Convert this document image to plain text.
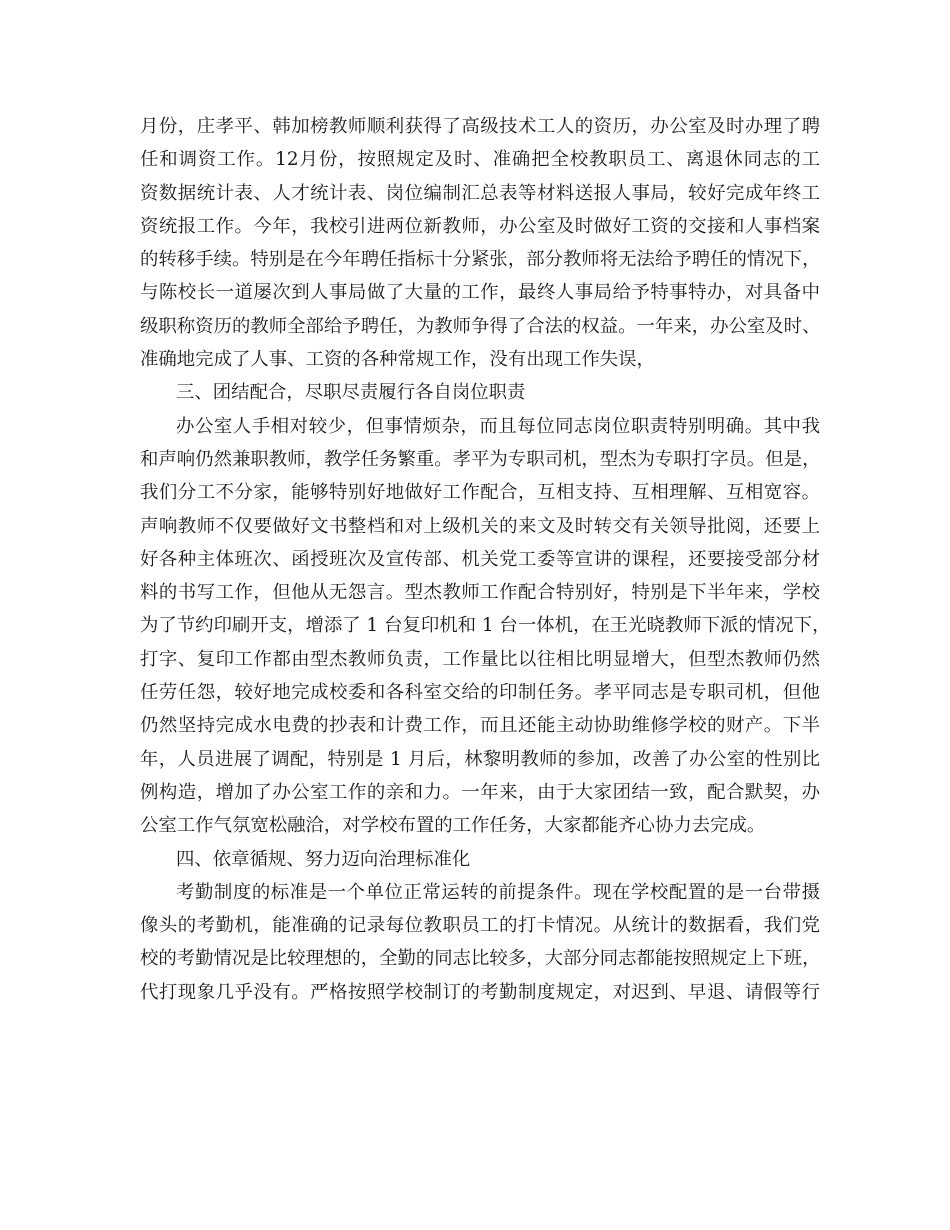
月份，庄孝平、韩加榜教师顺利获得了高级技术工人的资历，办公室及时办理了聘
任和调资工作。12月份，按照规定及时、准确把全校教职员工、离退休同志的工
资数据统计表、人才统计表、岗位编制汇总表等材料送报人事局，较好完成年终工
资统报工作。今年，我校引进两位新教师，办公室及时做好工资的交接和人事档案
的转移手续。特别是在今年聘任指标十分紧张，部分教师将无法给予聘任的情况下，
与陈校长一道屡次到人事局做了大量的工作，最终人事局给予特事特办，对具备中
级职称资历的教师全部给予聘任，为教师争得了合法的权益。一年来，办公室及时、
准确地完成了人事、工资的各种常规工作，没有出现工作失误，
三、团结配合，尽职尽责履行各自岗位职责
办公室人手相对较少，但事情烦杂，而且每位同志岗位职责特别明确。其中我
和声响仍然兼职教师，教学任务繁重。孝平为专职司机，型杰为专职打字员。但是，
我们分工不分家，能够特别好地做好工作配合，互相支持、互相理解、互相宽容。
声响教师不仅要做好文书整档和对上级机关的来文及时转交有关领导批阅，还要上
好各种主体班次、函授班次及宣传部、机关党工委等宣讲的课程，还要接受部分材
料的书写工作，但他从无怨言。型杰教师工作配合特别好，特别是下半年来，学校
为了节约印刷开支，增添了 1 台复印机和 1 台一体机，在王光晓教师下派的情况下，
打字、复印工作都由型杰教师负责，工作量比以往相比明显增大，但型杰教师仍然
任劳任怨，较好地完成校委和各科室交给的印制任务。孝平同志是专职司机，但他
仍然坚持完成水电费的抄表和计费工作，而且还能主动协助维修学校的财产。下半
年，人员进展了调配，特别是 1 月后，林黎明教师的参加，改善了办公室的性别比
例构造，增加了办公室工作的亲和力。一年来，由于大家团结一致，配合默契，办
公室工作气氛宽松融洽，对学校布置的工作任务，大家都能齐心协力去完成。
四、依章循规、努力迈向治理标准化
考勤制度的标准是一个单位正常运转的前提条件。现在学校配置的是一台带摄
像头的考勤机，能准确的记录每位教职员工的打卡情况。从统计的数据看，我们党
校的考勤情况是比较理想的，全勤的同志比较多，大部分同志都能按照规定上下班，
代打现象几乎没有。严格按照学校制订的考勤制度规定，对迟到、早退、请假等行
